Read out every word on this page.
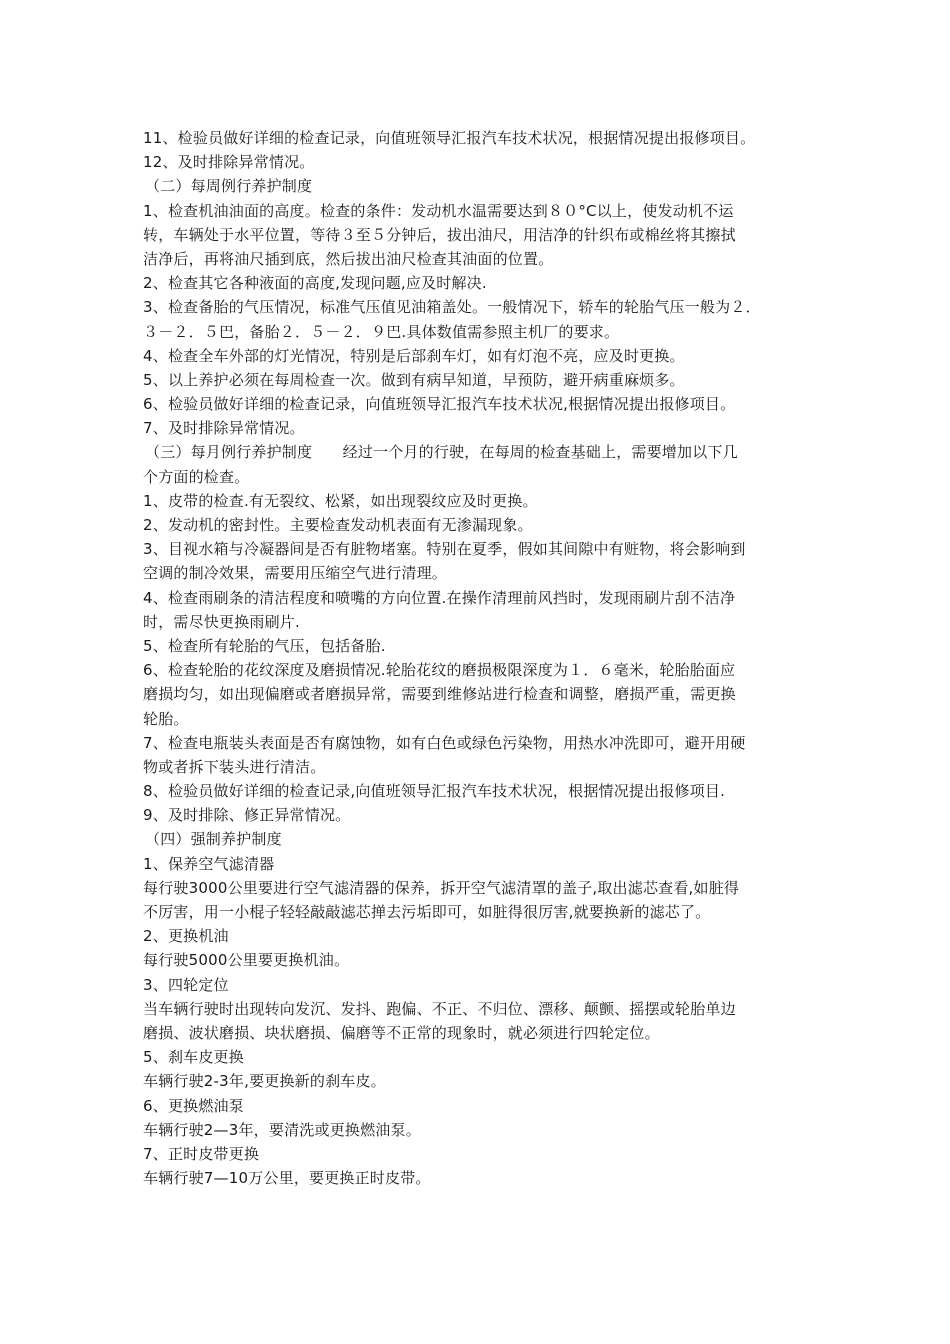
11、检验员做好详细的检查记录，向值班领导汇报汽车技术状况，根据情况提出报修项目。
12、及时排除异常情况。
（二）每周例行养护制度
1、检查机油油面的高度。检查的条件：发动机水温需要达到８０°C以上，使发动机不运
转，车辆处于水平位置，等待３至５分钟后，拔出油尺，用洁净的针织布或棉丝将其擦拭
洁净后，再将油尺插到底，然后拔出油尺检查其油面的位置。
2、检查其它各种液面的高度,发现问题,应及时解决.
3、检查备胎的气压情况，标准气压值见油箱盖处。一般情况下，轿车的轮胎气压一般为２．
３－２．５巴，备胎２．５－２．９巴.具体数值需参照主机厂的要求。
4、检查全车外部的灯光情况，特别是后部刹车灯，如有灯泡不亮，应及时更换。
5、以上养护必须在每周检查一次。做到有病早知道，早预防，避开病重麻烦多。
6、检验员做好详细的检查记录，向值班领导汇报汽车技术状况,根据情况提出报修项目。
7、及时排除异常情况。
（三）每月例行养护制度　　经过一个月的行驶，在每周的检查基础上，需要增加以下几
个方面的检查。
1、皮带的检查.有无裂纹、松紧，如出现裂纹应及时更换。
2、发动机的密封性。主要检查发动机表面有无渗漏现象。
3、目视水箱与冷凝器间是否有脏物堵塞。特别在夏季，假如其间隙中有赃物，将会影响到
空调的制冷效果，需要用压缩空气进行清理。
4、检查雨刷条的清洁程度和喷嘴的方向位置.在操作清理前风挡时，发现雨刷片刮不洁净
时，需尽快更换雨刷片.
5、检查所有轮胎的气压，包括备胎.
6、检查轮胎的花纹深度及磨损情况.轮胎花纹的磨损极限深度为１．６毫米，轮胎胎面应
磨损均匀，如出现偏磨或者磨损异常，需要到维修站进行检查和调整，磨损严重，需更换
轮胎。
7、检查电瓶装头表面是否有腐蚀物，如有白色或绿色污染物，用热水冲洗即可，避开用硬
物或者拆下装头进行清洁。
8、检验员做好详细的检查记录,向值班领导汇报汽车技术状况，根据情况提出报修项目.
9、及时排除、修正异常情况。
（四）强制养护制度
1、保养空气滤清器
每行驶3000公里要进行空气滤清器的保养，拆开空气滤清罩的盖子,取出滤芯查看,如脏得
不厉害，用一小棍子轻轻敲敲滤芯掸去污垢即可，如脏得很厉害,就要换新的滤芯了。
2、更换机油
每行驶5000公里要更换机油。
3、四轮定位
当车辆行驶时出现转向发沉、发抖、跑偏、不正、不归位、漂移、颠颤、摇摆或轮胎单边
磨损、波状磨损、块状磨损、偏磨等不正常的现象时，就必须进行四轮定位。
5、刹车皮更换
车辆行驶2-3年,要更换新的刹车皮。
6、更换燃油泵
车辆行驶2—3年，要清洗或更换燃油泵。
7、正时皮带更换
车辆行驶7—10万公里，要更换正时皮带。
